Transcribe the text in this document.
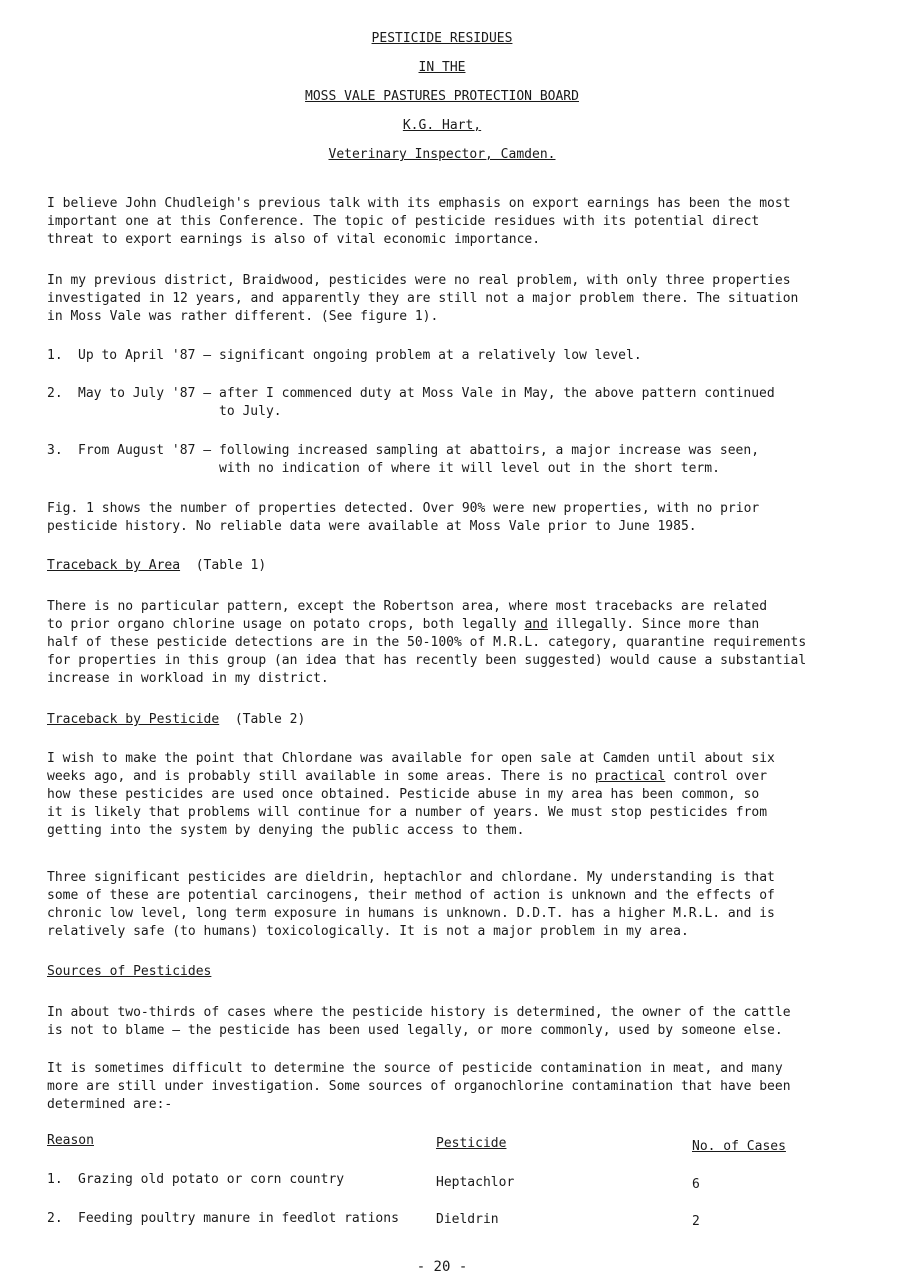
PESTICIDE RESIDUES
IN THE
MOSS VALE PASTURES PROTECTION BOARD
K.G. Hart,
Veterinary Inspector, Camden.
I believe John Chudleigh's previous talk with its emphasis on export earnings has been the most
important one at this Conference. The topic of pesticide residues with its potential direct
threat to export earnings is also of vital economic importance.
In my previous district, Braidwood, pesticides were no real problem, with only three properties
investigated in 12 years, and apparently they are still not a major problem there. The situation
in Moss Vale was rather different. (See figure 1).
1. Up to April '87 – significant ongoing problem at a relatively low level.
2. May to July '87 – after I commenced duty at Moss Vale in May, the above pattern continued
to July.
3. From August '87 – following increased sampling at abattoirs, a major increase was seen,
with no indication of where it will level out in the short term.
Fig. 1 shows the number of properties detected. Over 90% were new properties, with no prior
pesticide history. No reliable data were available at Moss Vale prior to June 1985.
Traceback by Area (Table 1)
There is no particular pattern, except the Robertson area, where most tracebacks are related
to prior organo chlorine usage on potato crops, both legally and illegally. Since more than
half of these pesticide detections are in the 50-100% of M.R.L. category, quarantine requirements
for properties in this group (an idea that has recently been suggested) would cause a substantial
increase in workload in my district.
Traceback by Pesticide (Table 2)
I wish to make the point that Chlordane was available for open sale at Camden until about six
weeks ago, and is probably still available in some areas. There is no practical control over
how these pesticides are used once obtained. Pesticide abuse in my area has been common, so
it is likely that problems will continue for a number of years. We must stop pesticides from
getting into the system by denying the public access to them.
Three significant pesticides are dieldrin, heptachlor and chlordane. My understanding is that
some of these are potential carcinogens, their method of action is unknown and the effects of
chronic low level, long term exposure in humans is unknown. D.D.T. has a higher M.R.L. and is
relatively safe (to humans) toxicologically. It is not a major problem in my area.
Sources of Pesticides
In about two-thirds of cases where the pesticide history is determined, the owner of the cattle
is not to blame – the pesticide has been used legally, or more commonly, used by someone else.
It is sometimes difficult to determine the source of pesticide contamination in meat, and many
more are still under investigation. Some sources of organochlorine contamination that have been
determined are:-
Reason	Pesticide	No. of Cases
1. Grazing old potato or corn country	Heptachlor	6
2. Feeding poultry manure in feedlot rations	Dieldrin	2
- 20 -
